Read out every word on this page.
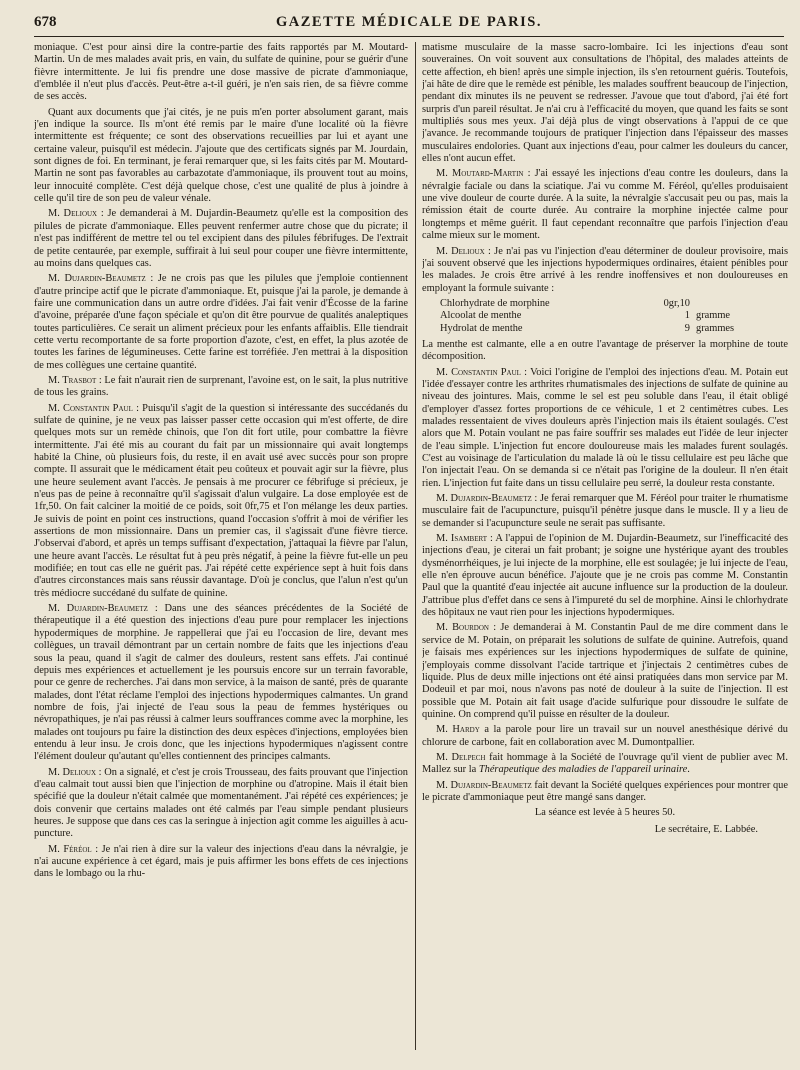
678	GAZETTE MÉDICALE DE PARIS.

moniaque. C'est pour ainsi dire la contre-partie des faits rapportés par M. Moutard-Martin. Un de mes malades avait pris, en vain, du sulfate de quinine, pour se guérir d'une fièvre intermittente. Je lui fis prendre une dose massive de picrate d'ammoniaque, d'emblée il n'eut plus d'accès. Peut-être a-t-il guéri, je n'en sais rien, de sa fièvre comme de ses accès.

Quant aux documents que j'ai cités, je ne puis m'en porter absolument garant, mais j'en indique la source. Ils m'ont été remis par le maire d'une localité où la fièvre intermittente est fréquente; ce sont des observations recueillies par lui et ayant une certaine valeur, puisqu'il est médecin. J'ajoute que des certificats signés par M. Jourdain, sont dignes de foi. En terminant, je ferai remarquer que, si les faits cités par M. Moutard-Martin ne sont pas favorables au carbazotate d'ammoniaque, ils prouvent tout au moins, leur innocuité complète. C'est déjà quelque chose, c'est une qualité de plus à joindre à celle qu'il tire de son peu de valeur vénale.

M. Delioux : Je demanderai à M. Dujardin-Beaumetz qu'elle est la composition des pilules de picrate d'ammoniaque. Elles peuvent renfermer autre chose que du picrate; il n'est pas indifférent de mettre tel ou tel excipient dans des pilules fébrifuges. De l'extrait de petite centaurée, par exemple, suffirait à lui seul pour couper une fièvre intermittente, au moins dans quelques cas.

M. Dujardin-Beaumetz : Je ne crois pas que les pilules que j'emploie contiennent d'autre principe actif que le picrate d'ammoniaque. Et, puisque j'ai la parole, je demande à faire une communication dans un autre ordre d'idées. J'ai fait venir d'Écosse de la farine d'avoine, préparée d'une façon spéciale et qu'on dit être pourvue de qualités analeptiques toutes particulières. Ce serait un aliment précieux pour les enfants affaiblis. Elle tiendrait cette vertu recomportante de sa forte proportion d'azote, c'est, en effet, la plus azotée de toutes les farines de légumineuses. Cette farine est torréfiée. J'en mettrai à la disposition de mes collègues une certaine quantité.

M. Trasbot : Le fait n'aurait rien de surprenant, l'avoine est, on le sait, la plus nutritive de tous les grains.

M. Constantin Paul : Puisqu'il s'agit de la question si intéressante des succédanés du sulfate de quinine, je ne veux pas laisser passer cette occasion qui m'est offerte, de dire quelques mots sur un remède chinois, que l'on dit fort utile, pour combattre la fièvre intermittente. J'ai été mis au courant du fait par un missionnaire qui avait longtemps habité la Chine, où plusieurs fois, du reste, il en avait usé avec succès pour son propre compte. Il assurait que le médicament était peu coûteux et pouvait agir sur la fièvre, plus une heure seulement avant l'accès. Je pensais à me procurer ce fébrifuge si précieux, je n'eus pas de peine à reconnaître qu'il s'agissait d'alun vulgaire. La dose employée est de 1fr,50. On fait calciner la moitié de ce poids, soit 0fr,75 et l'on mélange les deux parties. Je suivis de point en point ces instructions, quand l'occasion s'offrit à moi de vérifier les assertions de mon missionnaire. Dans un premier cas, il s'agissait d'une fièvre tierce. J'observai d'abord, et après un temps suffisant d'expectation, j'attaquai la fièvre par l'alun, une heure avant l'accès. Le résultat fut à peu près négatif, à peine la fièvre fut-elle un peu modifiée; en tout cas elle ne guérit pas. J'ai répété cette expérience sept à huit fois dans d'autres circonstances mais sans réussir davantage. D'où je conclus, que l'alun n'est qu'un très médiocre succédané du sulfate de quinine.

M. Dujardin-Beaumetz : Dans une des séances précédentes de la Société de thérapeutique il a été question des injections d'eau pure pour remplacer les injections hypodermiques de morphine. Je rappellerai que j'ai eu l'occasion de lire, devant mes collègues, un travail démontrant par un certain nombre de faits que les injections d'eau sous la peau, quand il s'agit de calmer des douleurs, restent sans effets. J'ai continué depuis mes expériences et actuellement je les poursuis encore sur un terrain favorable, pour ce genre de recherches. J'ai dans mon service, à la maison de santé, près de quarante malades, dont l'état réclame l'emploi des injections hypodermiques calmantes. Un grand nombre de fois, j'ai injecté de l'eau sous la peau de femmes hystériques ou névropathiques, je n'ai pas réussi à calmer leurs souffrances comme avec la morphine, les malades ont toujours pu faire la distinction des deux espèces d'injections, employées bien entendu à leur insu. Je crois donc, que les injections hypodermiques n'agissent contre l'élément douleur qu'autant qu'elles contiennent des principes calmants.

M. Delioux : On a signalé, et c'est je crois Trousseau, des faits prouvant que l'injection d'eau calmait tout aussi bien que l'injection de morphine ou d'atropine. Mais il était bien spécifié que la douleur n'était calmée que momentanément. J'ai répété ces expériences; je dois convenir que certains malades ont été calmés par l'eau simple pendant plusieurs heures. Je suppose que dans ces cas la seringue à injection agit comme les aiguilles à acu-puncture.

M. Féréol : Je n'ai rien à dire sur la valeur des injections d'eau dans la névralgie, je n'ai aucune expérience à cet égard, mais je puis affirmer les bons effets de ces injections dans le lombago ou la rhu-

matisme musculaire de la masse sacro-lombaire. Ici les injections d'eau sont souveraines. On voit souvent aux consultations de l'hôpital, des malades atteints de cette affection, eh bien! après une simple injection, ils s'en retournent guéris. Toutefois, j'ai hâte de dire que le remède est pénible, les malades souffrent beaucoup de l'injection, pendant dix minutes ils ne peuvent se redresser. J'avoue que tout d'abord, j'ai été fort surpris d'un pareil résultat. Je n'ai cru à l'efficacité du moyen, que quand les faits se sont multipliés sous mes yeux. J'ai déjà plus de vingt observations à l'appui de ce que j'avance. Je recommande toujours de pratiquer l'injection dans l'épaisseur des masses musculaires endolories. Quant aux injections d'eau, pour calmer les douleurs du cancer, elles n'ont aucun effet.

M. Moutard-Martin : J'ai essayé les injections d'eau contre les douleurs, dans la névralgie faciale ou dans la sciatique. J'ai vu comme M. Féréol, qu'elles produisaient une vive douleur de courte durée. A la suite, la névralgie s'accusait peu ou pas, mais la rémission était de courte durée. Au contraire la morphine injectée calme pour longtemps et même guérit. Il faut cependant reconnaître que parfois l'injection d'eau calme mieux sur le moment.

M. Delioux : Je n'ai pas vu l'injection d'eau déterminer de douleur provisoire, mais j'ai souvent observé que les injections hypodermiques ordinaires, étaient pénibles pour les malades. Je crois être arrivé à les rendre inoffensives et non douloureuses en employant la formule suivante :

Chlorhydrate de morphine	0gr,10
Alcoolat de menthe	1 gramme
Hydrolat de menthe	9 grammes

La menthe est calmante, elle a en outre l'avantage de préserver la morphine de toute décomposition.

M. Constantin Paul : Voici l'origine de l'emploi des injections d'eau. M. Potain eut l'idée d'essayer contre les arthrites rhumatismales des injections de sulfate de quinine au niveau des jointures. Mais, comme le sel est peu soluble dans l'eau, il était obligé d'employer d'assez fortes proportions de ce véhicule, 1 et 2 centimètres cubes. Les malades ressentaient de vives douleurs après l'injection mais ils étaient soulagés. C'est alors que M. Potain voulant ne pas faire souffrir ses malades eut l'idée de leur injecter de l'eau simple. L'injection fut encore douloureuse mais les malades furent soulagés. C'est au voisinage de l'articulation du malade là où le tissu cellulaire est peu lâche que l'on injectait l'eau. On se demanda si ce n'était pas l'origine de la douleur. Il n'en était rien. L'injection fut faite dans un tissu cellulaire peu serré, la douleur resta constante.

M. Dujardin-Beaumetz : Je ferai remarquer que M. Féréol pour traiter le rhumatisme musculaire fait de l'acupuncture, puisqu'il pénètre jusque dans le muscle. Il y a lieu de se demander si l'acupuncture seule ne serait pas suffisante.

M. Isambert : A l'appui de l'opinion de M. Dujardin-Beaumetz, sur l'inefficacité des injections d'eau, je citerai un fait probant; je soigne une hystérique ayant des troubles dysménorrhéiques, je lui injecte de la morphine, elle est soulagée; je lui injecte de l'eau, elle n'en éprouve aucun bénéfice. J'ajoute que je ne crois pas comme M. Constantin Paul que la quantité d'eau injectée ait aucune influence sur la production de la douleur. J'attribue plus d'effet dans ce sens à l'impureté du sel de morphine. Ainsi le chlorhydrate des hôpitaux ne vaut rien pour les injections hypodermiques.

M. Bourdon : Je demanderai à M. Constantin Paul de me dire comment dans le service de M. Potain, on préparait les solutions de sulfate de quinine. Autrefois, quand je faisais mes expériences sur les injections hypodermiques de sulfate de quinine, j'employais comme dissolvant l'acide tartrique et j'injectais 2 centimètres cubes de liquide. Plus de deux mille injections ont été ainsi pratiquées dans mon service par M. Dodeuil et par moi, nous n'avons pas noté de douleur à la suite de l'injection. Il est possible que M. Potain ait fait usage d'acide sulfurique pour dissoudre le sulfate de quinine. On comprend qu'il puisse en résulter de la douleur.

M. Hardy a la parole pour lire un travail sur un nouvel anesthésique dérivé du chlorure de carbone, fait en collaboration avec M. Dumontpallier.

M. Delpech fait hommage à la Société de l'ouvrage qu'il vient de publier avec M. Mallez sur la Thérapeutique des maladies de l'appareil urinaire.

M. Dujardin-Beaumetz fait devant la Société quelques expériences pour montrer que le picrate d'ammoniaque peut être mangé sans danger.

La séance est levée à 5 heures 50.

Le secrétaire, E. Labbée.
